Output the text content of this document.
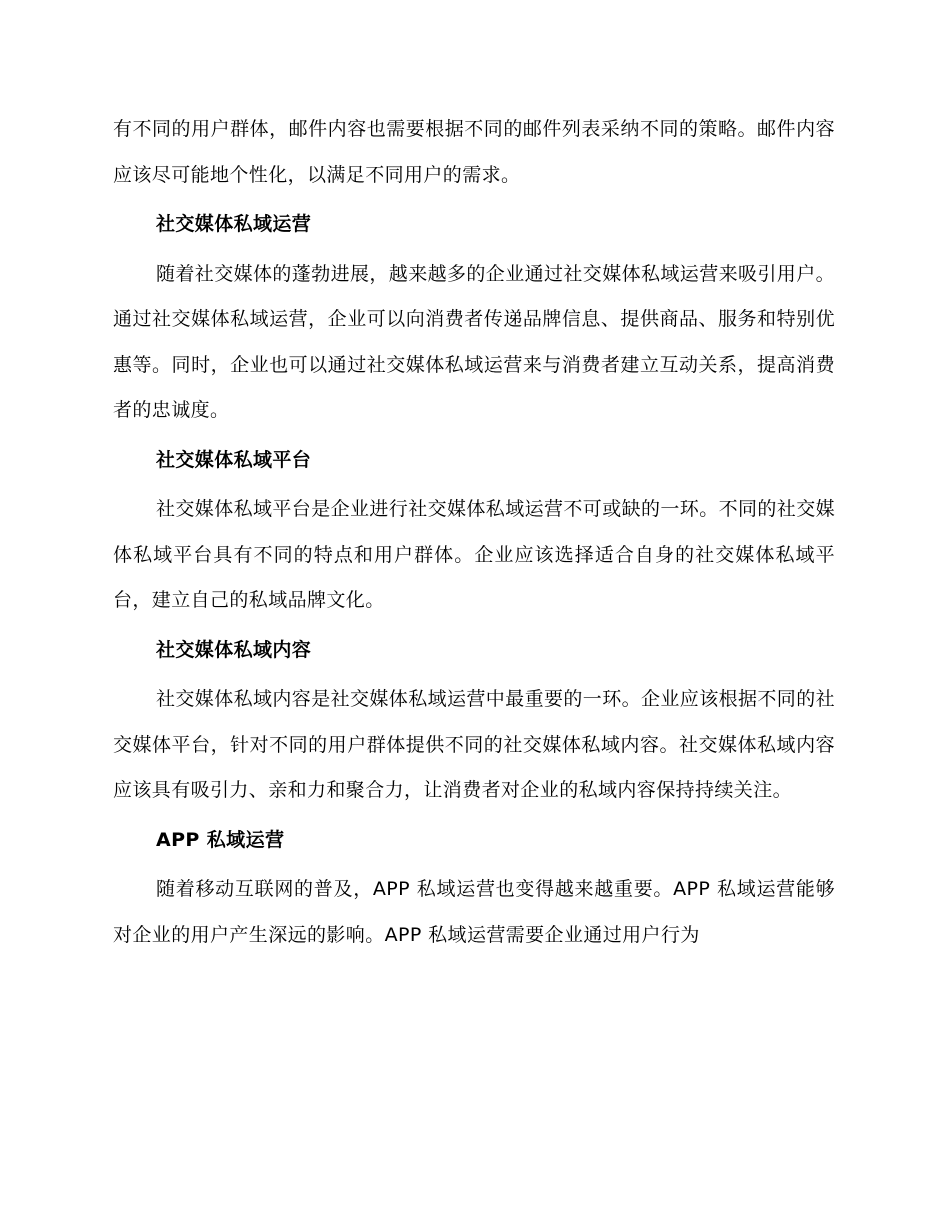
有不同的用户群体，邮件内容也需要根据不同的邮件列表采纳不同的策略。邮件内容应该尽可能地个性化，以满足不同用户的需求。

社交媒体私域运营

随着社交媒体的蓬勃进展，越来越多的企业通过社交媒体私域运营来吸引用户。通过社交媒体私域运营，企业可以向消费者传递品牌信息、提供商品、服务和特别优惠等。同时，企业也可以通过社交媒体私域运营来与消费者建立互动关系，提高消费者的忠诚度。

社交媒体私域平台

社交媒体私域平台是企业进行社交媒体私域运营不可或缺的一环。不同的社交媒体私域平台具有不同的特点和用户群体。企业应该选择适合自身的社交媒体私域平台，建立自己的私域品牌文化。

社交媒体私域内容

社交媒体私域内容是社交媒体私域运营中最重要的一环。企业应该根据不同的社交媒体平台，针对不同的用户群体提供不同的社交媒体私域内容。社交媒体私域内容应该具有吸引力、亲和力和聚合力，让消费者对企业的私域内容保持持续关注。

APP 私域运营

随着移动互联网的普及，APP 私域运营也变得越来越重要。APP 私域运营能够对企业的用户产生深远的影响。APP 私域运营需要企业通过用户行为
